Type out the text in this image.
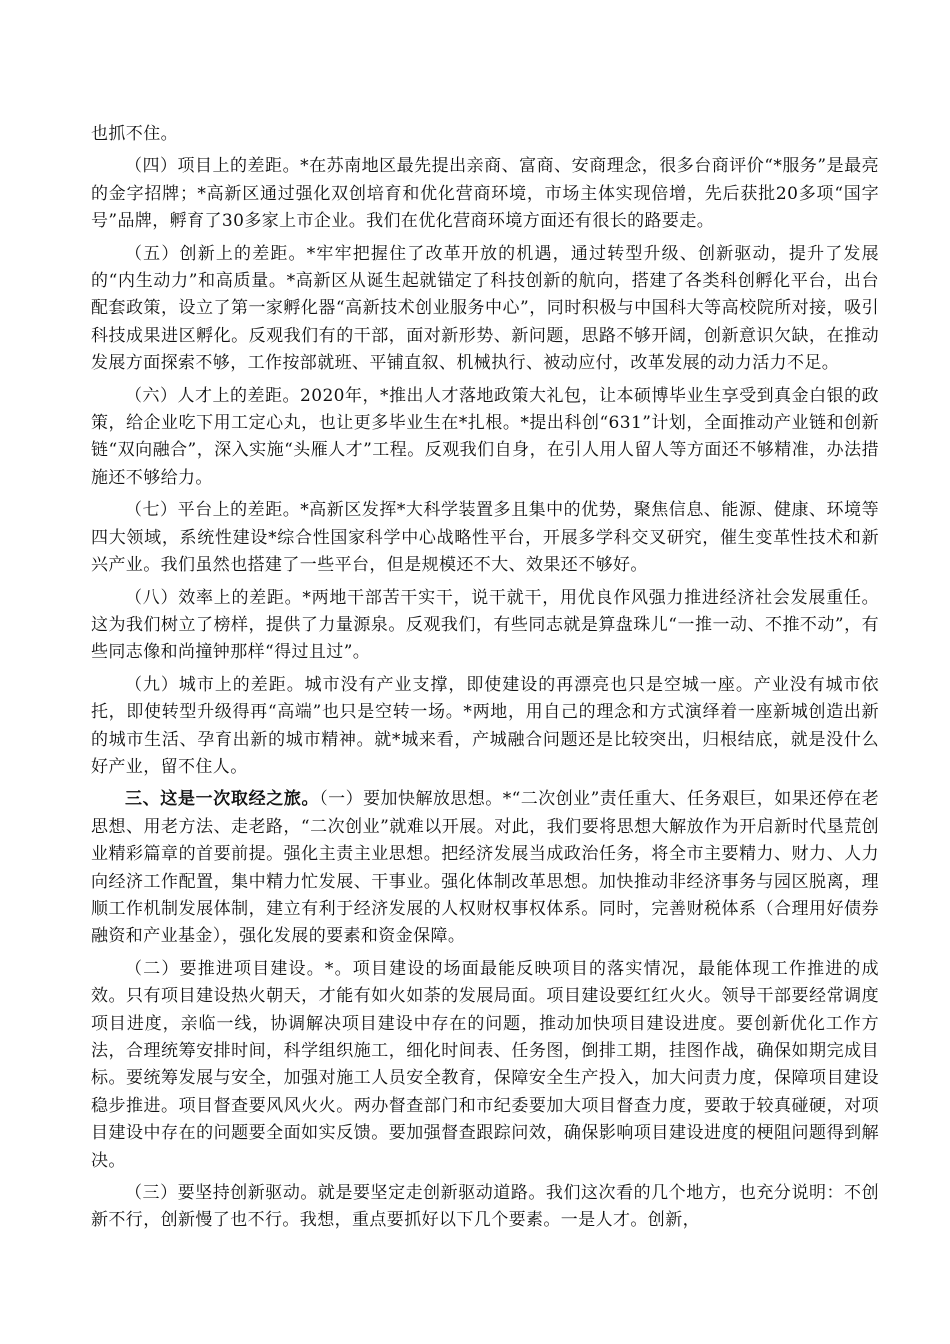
也抓不住。

（四）项目上的差距。*在苏南地区最先提出亲商、富商、安商理念，很多台商评价“*服务”是最亮的金字招牌；*高新区通过强化双创培育和优化营商环境，市场主体实现倍增，先后获批20多项“国字号”品牌，孵育了30多家上市企业。我们在优化营商环境方面还有很长的路要走。

（五）创新上的差距。*牢牢把握住了改革开放的机遇，通过转型升级、创新驱动，提升了发展的“内生动力”和高质量。*高新区从诞生起就锚定了科技创新的航向，搭建了各类科创孵化平台，出台配套政策，设立了第一家孵化器“高新技术创业服务中心”，同时积极与中国科大等高校院所对接，吸引科技成果进区孵化。反观我们有的干部，面对新形势、新问题，思路不够开阔，创新意识欠缺，在推动发展方面探索不够，工作按部就班、平铺直叙、机械执行、被动应付，改革发展的动力活力不足。

（六）人才上的差距。2020年，*推出人才落地政策大礼包，让本硕博毕业生享受到真金白银的政策，给企业吃下用工定心丸，也让更多毕业生在*扎根。*提出科创“631”计划，全面推动产业链和创新链“双向融合”，深入实施“头雁人才”工程。反观我们自身，在引人用人留人等方面还不够精准，办法措施还不够给力。

（七）平台上的差距。*高新区发挥*大科学装置多且集中的优势，聚焦信息、能源、健康、环境等四大领域，系统性建设*综合性国家科学中心战略性平台，开展多学科交叉研究，催生变革性技术和新兴产业。我们虽然也搭建了一些平台，但是规模还不大、效果还不够好。

（八）效率上的差距。*两地干部苦干实干，说干就干，用优良作风强力推进经济社会发展重任。这为我们树立了榜样，提供了力量源泉。反观我们，有些同志就是算盘珠儿“一推一动、不推不动”，有些同志像和尚撞钟那样“得过且过”。

（九）城市上的差距。城市没有产业支撑，即使建设的再漂亮也只是空城一座。产业没有城市依托，即使转型升级得再“高端”也只是空转一场。*两地，用自己的理念和方式演绎着一座新城创造出新的城市生活、孕育出新的城市精神。就*城来看，产城融合问题还是比较突出，归根结底，就是没什么好产业，留不住人。

三、这是一次取经之旅。（一）要加快解放思想。*“二次创业”责任重大、任务艰巨，如果还停在老思想、用老方法、走老路，“二次创业”就难以开展。对此，我们要将思想大解放作为开启新时代垦荒创业精彩篇章的首要前提。强化主责主业思想。把经济发展当成政治任务，将全市主要精力、财力、人力向经济工作配置，集中精力忙发展、干事业。强化体制改革思想。加快推动非经济事务与园区脱离，理顺工作机制发展体制，建立有利于经济发展的人权财权事权体系。同时，完善财税体系（合理用好债券融资和产业基金），强化发展的要素和资金保障。

（二）要推进项目建设。*。项目建设的场面最能反映项目的落实情况，最能体现工作推进的成效。只有项目建设热火朝天，才能有如火如荼的发展局面。项目建设要红红火火。领导干部要经常调度项目进度，亲临一线，协调解决项目建设中存在的问题，推动加快项目建设进度。要创新优化工作方法，合理统筹安排时间，科学组织施工，细化时间表、任务图，倒排工期，挂图作战，确保如期完成目标。要统筹发展与安全，加强对施工人员安全教育，保障安全生产投入，加大问责力度，保障项目建设稳步推进。项目督查要风风火火。两办督查部门和市纪委要加大项目督查力度，要敢于较真碰硬，对项目建设中存在的问题要全面如实反馈。要加强督查跟踪问效，确保影响项目建设进度的梗阻问题得到解决。

（三）要坚持创新驱动。就是要坚定走创新驱动道路。我们这次看的几个地方，也充分说明：不创新不行，创新慢了也不行。我想，重点要抓好以下几个要素。一是人才。创新，
